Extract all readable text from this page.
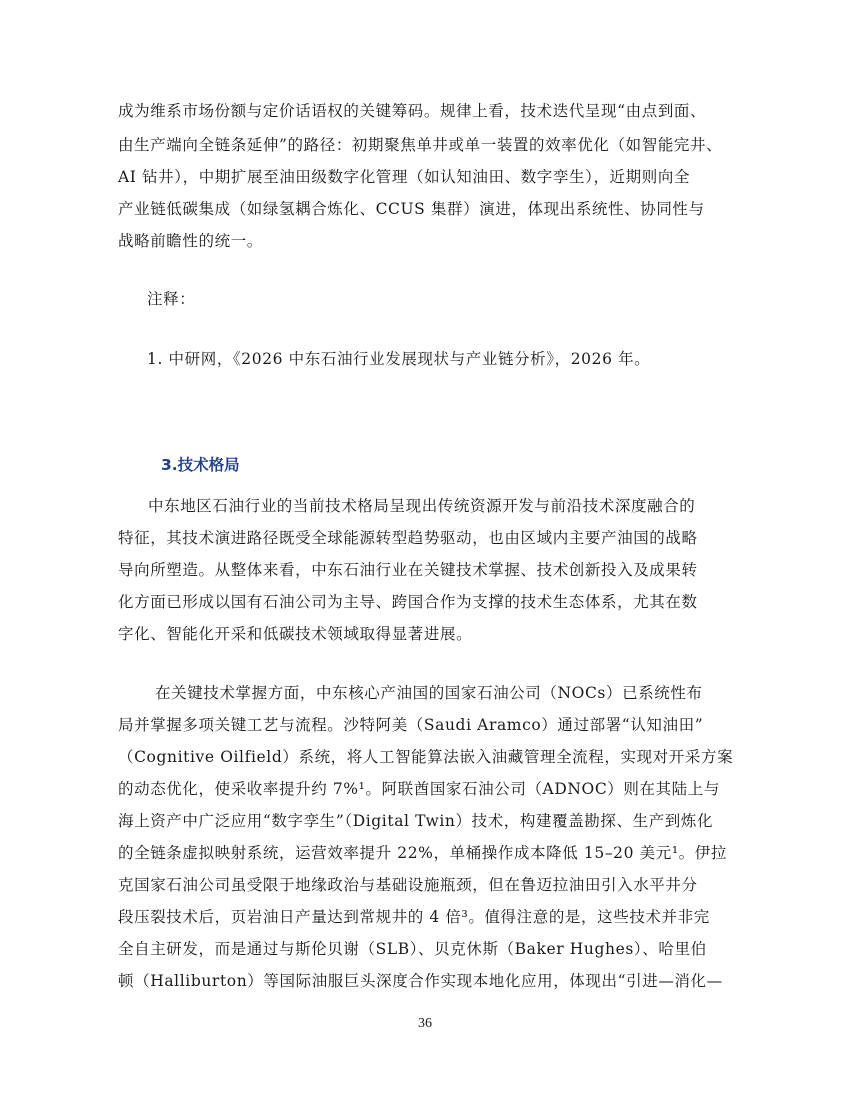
成为维系市场份额与定价话语权的关键筹码。规律上看，技术迭代呈现“由点到面、
由生产端向全链条延伸”的路径：初期聚焦单井或单一装置的效率优化（如智能完井、
AI 钻井），中期扩展至油田级数字化管理（如认知油田、数字孪生），近期则向全
产业链低碳集成（如绿氢耦合炼化、CCUS 集群）演进，体现出系统性、协同性与
战略前瞻性的统一。
注释：
1. 中研网，《2026 中东石油行业发展现状与产业链分析》，2026 年。
3.技术格局
中东地区石油行业的当前技术格局呈现出传统资源开发与前沿技术深度融合的
特征，其技术演进路径既受全球能源转型趋势驱动，也由区域内主要产油国的战略
导向所塑造。从整体来看，中东石油行业在关键技术掌握、技术创新投入及成果转
化方面已形成以国有石油公司为主导、跨国合作为支撑的技术生态体系，尤其在数
字化、智能化开采和低碳技术领域取得显著进展。
在关键技术掌握方面，中东核心产油国的国家石油公司（NOCs）已系统性布
局并掌握多项关键工艺与流程。沙特阿美（Saudi Aramco）通过部署“认知油田”
（Cognitive Oilfield）系统，将人工智能算法嵌入油藏管理全流程，实现对开采方案
的动态优化，使采收率提升约 7%¹。阿联酋国家石油公司（ADNOC）则在其陆上与
海上资产中广泛应用“数字孪生”（Digital Twin）技术，构建覆盖勘探、生产到炼化
的全链条虚拟映射系统，运营效率提升 22%，单桶操作成本降低 15–20 美元¹。伊拉
克国家石油公司虽受限于地缘政治与基础设施瓶颈，但在鲁迈拉油田引入水平井分
段压裂技术后，页岩油日产量达到常规井的 4 倍³。值得注意的是，这些技术并非完
全自主研发，而是通过与斯伦贝谢（SLB）、贝克休斯（Baker Hughes）、哈里伯
顿（Halliburton）等国际油服巨头深度合作实现本地化应用，体现出“引进—消化—
36
